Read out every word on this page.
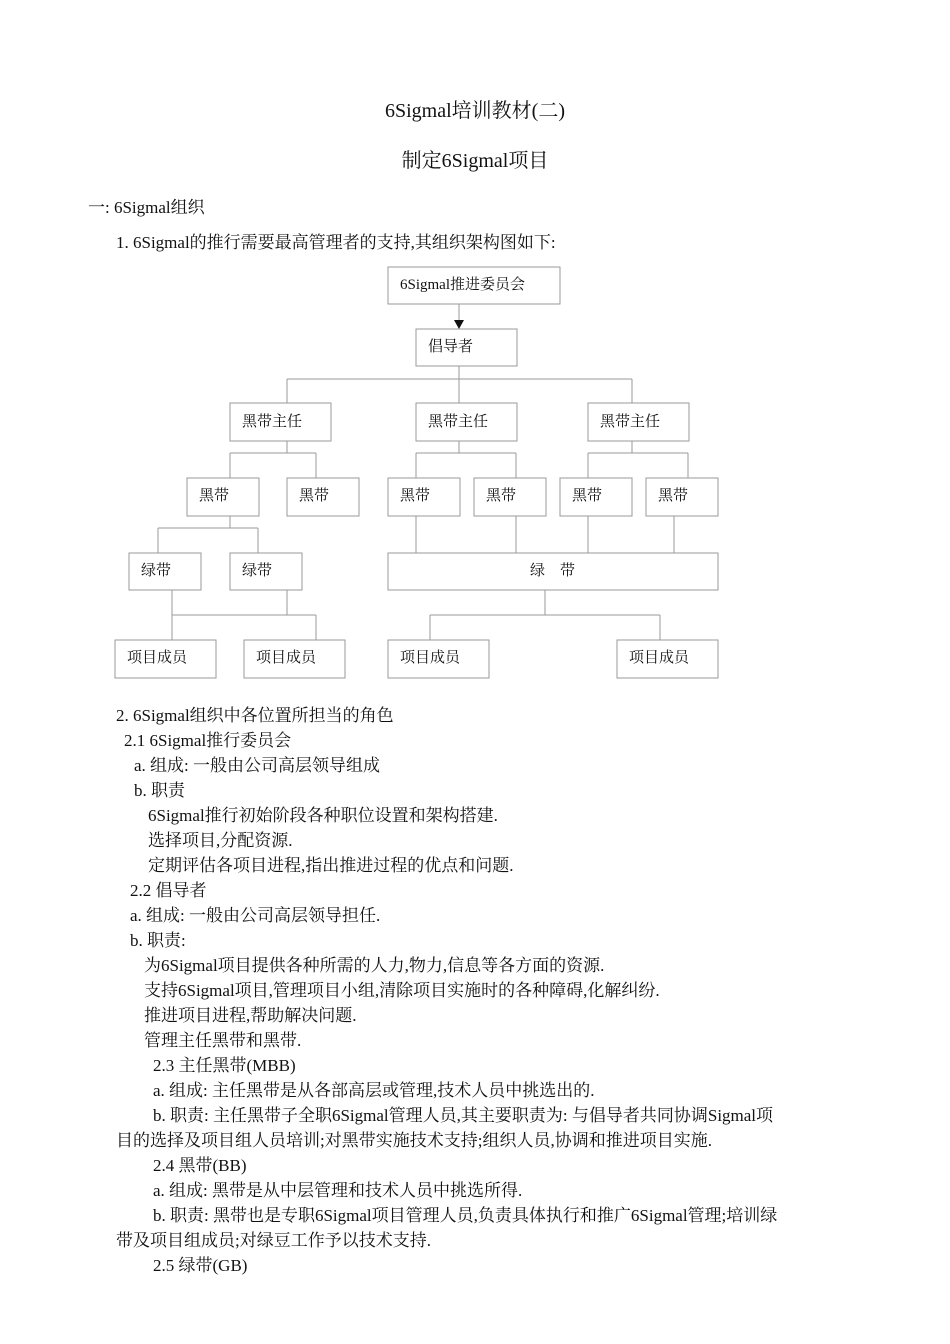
6Sigmal培训教材(二)
制定6Sigmal项目
一: 6Sigmal组织
1. 6Sigmal的推行需要最高管理者的支持,其组织架构图如下:
6Sigmal推进委员会
倡导者
黑带主任	黑带主任	黑带主任
黑带	黑带	黑带	黑带	黑带	黑带
绿带	绿带	绿　带
项目成员	项目成员	项目成员	项目成员
2. 6Sigmal组织中各位置所担当的角色
2.1 6Sigmal推行委员会
a. 组成: 一般由公司高层领导组成
b. 职责
6Sigmal推行初始阶段各种职位设置和架构搭建.
选择项目,分配资源.
定期评估各项目进程,指出推进过程的优点和问题.
2.2 倡导者
a. 组成: 一般由公司高层领导担任.
b. 职责:
为6Sigmal项目提供各种所需的人力,物力,信息等各方面的资源.
支持6Sigmal项目,管理项目小组,清除项目实施时的各种障碍,化解纠纷.
推进项目进程,帮助解决问题.
管理主任黑带和黑带.
2.3 主任黑带(MBB)
a. 组成: 主任黑带是从各部高层或管理,技术人员中挑选出的.
b. 职责: 主任黑带子全职6Sigmal管理人员,其主要职责为: 与倡导者共同协调Sigmal项
目的选择及项目组人员培训;对黑带实施技术支持;组织人员,协调和推进项目实施.
2.4 黑带(BB)
a. 组成: 黑带是从中层管理和技术人员中挑选所得.
b. 职责: 黑带也是专职6Sigmal项目管理人员,负责具体执行和推广6Sigmal管理;培训绿
带及项目组成员;对绿豆工作予以技术支持.
2.5 绿带(GB)
